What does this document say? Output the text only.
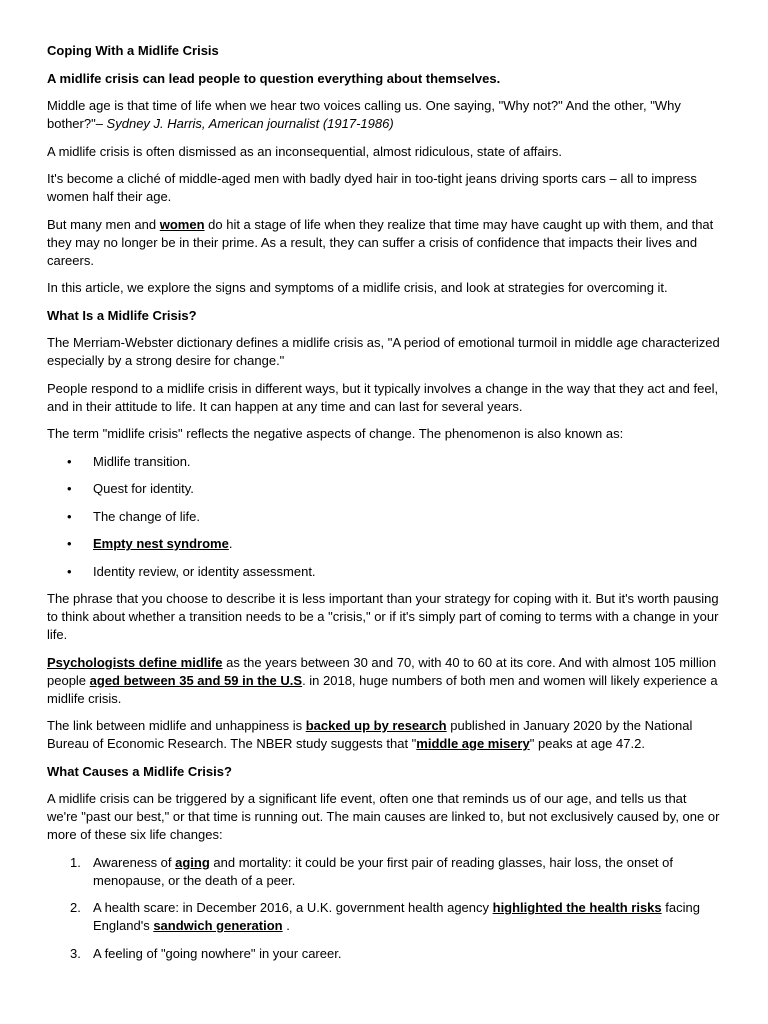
Coping With a Midlife Crisis

A midlife crisis can lead people to question everything about themselves.

Middle age is that time of life when we hear two voices calling us. One saying, "Why not?" And the other, "Why bother?"– Sydney J. Harris, American journalist (1917-1986)

A midlife crisis is often dismissed as an inconsequential, almost ridiculous, state of affairs.

It's become a cliché of middle-aged men with badly dyed hair in too-tight jeans driving sports cars – all to impress women half their age.

But many men and women do hit a stage of life when they realize that time may have caught up with them, and that they may no longer be in their prime. As a result, they can suffer a crisis of confidence that impacts their lives and careers.

In this article, we explore the signs and symptoms of a midlife crisis, and look at strategies for overcoming it.

What Is a Midlife Crisis?

The Merriam-Webster dictionary defines a midlife crisis as, "A period of emotional turmoil in middle age characterized especially by a strong desire for change."

People respond to a midlife crisis in different ways, but it typically involves a change in the way that they act and feel, and in their attitude to life. It can happen at any time and can last for several years.

The term "midlife crisis" reflects the negative aspects of change. The phenomenon is also known as:

• Midlife transition.
• Quest for identity.
• The change of life.
• Empty nest syndrome.
• Identity review, or identity assessment.

The phrase that you choose to describe it is less important than your strategy for coping with it. But it's worth pausing to think about whether a transition needs to be a "crisis," or if it's simply part of coming to terms with a change in your life.

Psychologists define midlife as the years between 30 and 70, with 40 to 60 at its core. And with almost 105 million people aged between 35 and 59 in the U.S. in 2018, huge numbers of both men and women will likely experience a midlife crisis.

The link between midlife and unhappiness is backed up by research published in January 2020 by the National Bureau of Economic Research. The NBER study suggests that "middle age misery" peaks at age 47.2.

What Causes a Midlife Crisis?

A midlife crisis can be triggered by a significant life event, often one that reminds us of our age, and tells us that we're "past our best," or that time is running out. The main causes are linked to, but not exclusively caused by, one or more of these six life changes:

1. Awareness of aging and mortality: it could be your first pair of reading glasses, hair loss, the onset of menopause, or the death of a peer.
2. A health scare: in December 2016, a U.K. government health agency highlighted the health risks facing England's sandwich generation .
3. A feeling of "going nowhere" in your career.
